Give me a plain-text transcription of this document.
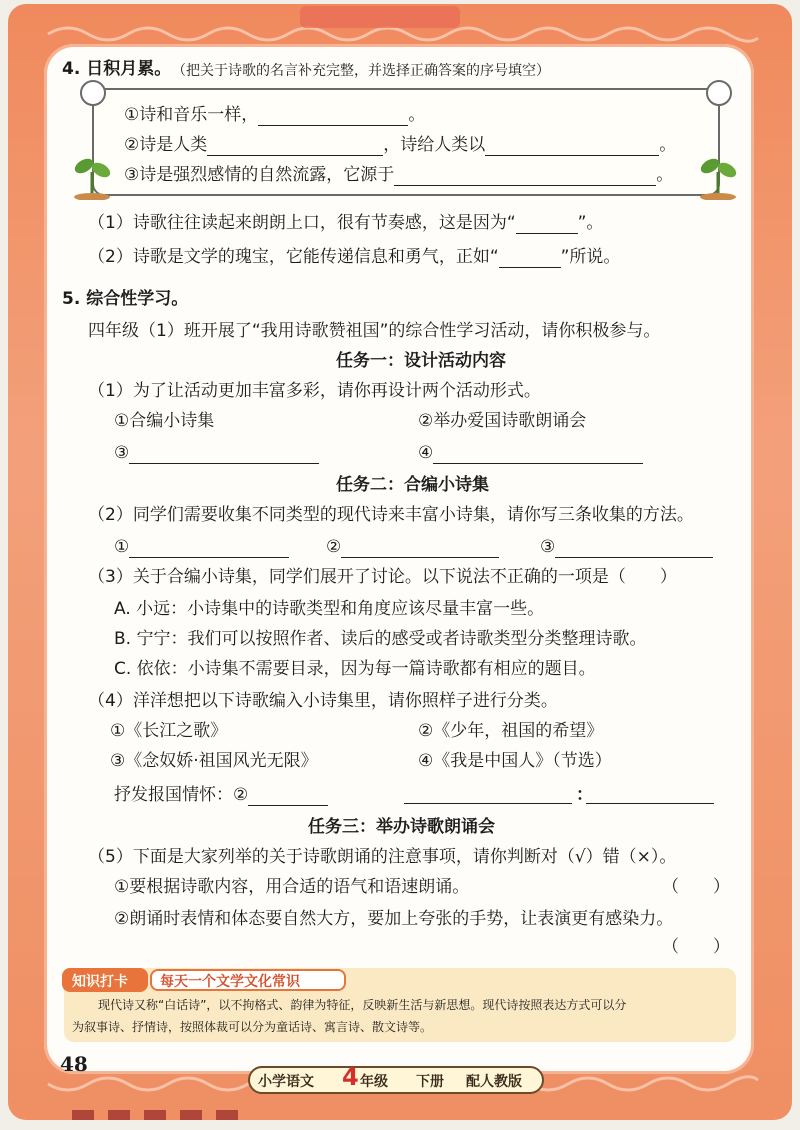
4. 日积月累。 （把关于诗歌的名言补充完整，并选择正确答案的序号填空）
①诗和音乐一样，	。
②诗是人类	，诗给人类以	。
③诗是强烈感情的自然流露，它源于	。
（1）诗歌往往读起来朗朗上口，很有节奏感，这是因为“	”。
（2）诗歌是文学的瑰宝，它能传递信息和勇气，正如“	”所说。
5. 综合性学习。
四年级（1）班开展了“我用诗歌赞祖国”的综合性学习活动，请你积极参与。
任务一：设计活动内容
（1）为了让活动更加丰富多彩，请你再设计两个活动形式。
①合编小诗集	②举办爱国诗歌朗诵会
③	④
任务二：合编小诗集
（2）同学们需要收集不同类型的现代诗来丰富小诗集，请你写三条收集的方法。
①	②	③
（3）关于合编小诗集，同学们展开了讨论。以下说法不正确的一项是（　　）
A. 小远：小诗集中的诗歌类型和角度应该尽量丰富一些。
B. 宁宁：我们可以按照作者、读后的感受或者诗歌类型分类整理诗歌。
C. 依依：小诗集不需要目录，因为每一篇诗歌都有相应的题目。
（4）洋洋想把以下诗歌编入小诗集里，请你照样子进行分类。
①《长江之歌》	②《少年，祖国的希望》
③《念奴娇·祖国风光无限》	④《我是中国人》（节选）
抒发报国情怀：②	：
任务三：举办诗歌朗诵会
（5）下面是大家列举的关于诗歌朗诵的注意事项，请你判断对（√）错（×）。
①要根据诗歌内容，用合适的语气和语速朗诵。	（　　）
②朗诵时表情和体态要自然大方，要加上夸张的手势，让表演更有感染力。
（　　）
知识打卡 每天一个文学文化常识
现代诗又称“白话诗”，以不拘格式、韵律为特征，反映新生活与新思想。现代诗按照表达方式可以分
为叙事诗、抒情诗，按照体裁可以分为童话诗、寓言诗、散文诗等。
48
小学语文 4 年级 下册 配人教版
